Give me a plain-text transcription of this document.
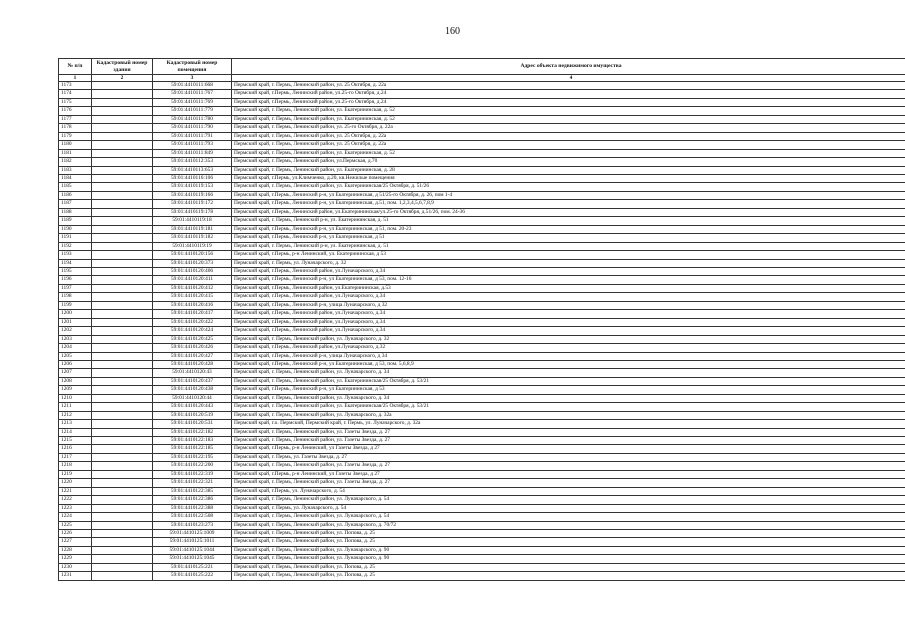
160
№ п/п	Кадастровый номер здания	Кадастровый номер помещения	Адрес объекта недвижимого имущества
1	2	3	4
1173		59:01:4410111:668	Пермский край, г. Пермь, Ленинский район, ул. 25 Октября, д. 22а
1174		59:01:4410111:767	Пермский край, г.Пермь, Ленинский район, ул.25-го Октября, д.24
1175		59:01:4410111:769	Пермский край, г.Пермь, Ленинский район, ул.25-го Октября, д.24
1176		59:01:4410111:779	Пермский край, г. Пермь, Ленинский район, ул. Екатерининская, д. 52
1177		59:01:4410111:780	Пермский край, г. Пермь, Ленинский район, ул. Екатерининская, д. 52
1178		59:01:4410111:790	Пермский край, г. Пермь, Ленинский район, ул. 25-го Октября, д. 22а
1179		59:01:4410111:791	Пермский край, г. Пермь, Ленинский район, ул. 25 Октября, д. 22а
1180		59:01:4410111:793	Пермский край, г. Пермь, Ленинский район, ул. 25 Октября, д. 22а
1181		59:01:4410111:849	Пермский край, г. Пермь, Ленинский район, ул. Екатерининская, д. 52
1182		59:01:4410112:353	Пермский край, г. Пермь, Ленинский район, ул.Пермская, д.70
1183		59:01:4410113:653	Пермский край, г. Пермь, Ленинский район, ул. Екатерининская, д. 28
1184		59:01:4410116:106	Пермский край, г.Пермь, ул.Климченко, д.20, кв.Нежилые помещения
1185		59:01:4410119:153	Пермский край, г. Пермь, Ленинский район, ул. Екатерининская/25 Октября, д. 51/26
1186		59:01:4410119:166	Пермский край, г.Пермь, Ленинский р-н, ул Екатерининская, д 51/25-го Октября, д. 26, пом 1-4
1187		59:01:4410119:172	Пермский край, г.Пермь, Ленинский р-н, ул Екатерининская, д.51, пом. 1,2,3,4,5,6,7,8,9
1188		59:01:4410119:178	Пермский край, г.Пермь, Ленинский район, ул.Екатерининская/ул.25-го Октября, д.51/26, пом. 24-36
1189		59:01:4410119:18	Пермский край, г. Пермь, Ленинский р-н, ул. Екатерининская, д. 51
1190		59:01:4410119:181	Пермский край, г.Пермь, Ленинский р-н, ул Екатерининская, д 51, пом. 20-23
1191		59:01:4410119:182	Пермский край, г.Пермь, Ленинский р-н, ул Екатерининская, д 51
1192		59:01:4410119:19	Пермский край, г. Пермь, Ленинский р-н, ул. Екатерининская, д. 51
1193		59:01:4410120:156	Пермский край, г.Пермь, р-н Ленинский, ул. Екатерининская, д 53
1194		59:01:4410120:373	Пермский край, г. Пермь, ул. Луначарского, д. 32
1195		59:01:4410120:406	Пермский край, г.Пермь, Ленинский район, ул.Луначарского, д.34
1196		59:01:4410120:411	Пермский край, г.Пермь, Ленинский р-н, ул Екатерининская, д 53, пом. 12-16
1197		59:01:4410120:412	Пермский край, г.Пермь, Ленинский район, ул.Екатерининская, д.53
1198		59:01:4410120:415	Пермский край, г.Пермь, Ленинский район, ул.Луначарского, д.34
1199		59:01:4410120:416	Пермский край, г.Пермь, Ленинский р-н, улица Луначарского, д 32
1200		59:01:4410120:417	Пермский край, г.Пермь, Ленинский район, ул.Луначарского, д.34
1201		59:01:4410120:422	Пермский край, г.Пермь, Ленинский район, ул.Луначарского, д.34
1202		59:01:4410120:424	Пермский край, г.Пермь, Ленинский район, ул.Луначарского, д.34
1203		59:01:4410120:425	Пермский край, г. Пермь, Ленинский район, ул. Луначарского, д. 32
1204		59:01:4410120:426	Пермский край, г.Пермь, Ленинский район, ул.Луначарского, д.32
1205		59:01:4410120:427	Пермский край, г.Пермь, Ленинский р-н, улица Луначарского, д 34
1206		59:01:4410120:428	Пермский край, г.Пермь, Ленинский р-н, ул Екатерининская, д 53, пом. 5,6,8,9
1207		59:01:4410120:43	Пермский край, г. Пермь, Ленинский район, ул. Луначарского, д. 34
1208		59:01:4410120:437	Пермский край, г. Пермь, Ленинский район, ул. Екатерининская/25 Октября, д. 53/21
1209		59:01:4410120:438	Пермский край, г.Пермь, Ленинский р-н, ул Екатерининская, д 53
1210		59:01:4410120:44	Пермский край, г. Пермь, Ленинский район, ул. Луначарского, д. 34
1211		59:01:4410120:443	Пермский край, г. Пермь, Ленинский район, ул. Екатерининская/25 Октября, д. 53/21
1212		59:01:4410120:519	Пермский край, г. Пермь, Ленинский район, ул. Луначарского, д. 32а
1213		59:01:4410120:531	Пермский край, г.о. Пермский, Пермский край, г. Пермь, ул. Луначарского, д. 32а
1214		59:01:4410122:182	Пермский край, г. Пермь, Ленинский район, ул. Газеты Звезда, д. 27
1215		59:01:4410122:183	Пермский край, г. Пермь, Ленинский район, ул. Газеты Звезда, д. 27
1216		59:01:4410122:185	Пермский край, г.Пермь, р-н Ленинский, ул Газеты Звезда, д 27
1217		59:01:4410122:195	Пермский край, г. Пермь, ул. Газеты Звезда, д. 27
1218		59:01:4410122:200	Пермский край, г. Пермь, Ленинский район, ул. Газеты Звезда, д. 27
1219		59:01:4410122:319	Пермский край, г.Пермь, р-н Ленинский, ул Газеты Звезда, д 27
1220		59:01:4410122:321	Пермский край, г. Пермь, Ленинский район, ул. Газеты Звезда, д. 27
1221		59:01:4410122:385	Пермский край, г.Пермь, ул. Луначарского, д. 54
1222		59:01:4410122:386	Пермский край, г. Пермь, Ленинский район, ул. Луначарского, д. 54
1223		59:01:4410122:388	Пермский край, г. Пермь, ул. Луначарского, д. 54
1224		59:01:4410122:508	Пермский край, г. Пермь, Ленинский район, ул. Луначарского, д. 54
1225		59:01:4410123:273	Пермский край, г. Пермь, Ленинский район, ул. Луначарского, д. 70/72
1226		59:01:4410125:1009	Пермский край, г. Пермь, Ленинский район, ул. Попова, д. 25
1227		59:01:4410125:1011	Пермский край, г. Пермь, Ленинский район, ул. Попова, д. 25
1228		59:01:4410125:1044	Пермский край, г. Пермь, Ленинский район, ул. Луначарского, д. 90
1229		59:01:4410125:1045	Пермский край, г. Пермь, Ленинский район, ул. Луначарского, д. 90
1230		59:01:4410125:221	Пермский край, г. Пермь, Ленинский район, ул. Попова, д. 25
1231		59:01:4410125:222	Пермский край, г. Пермь, Ленинский район, ул. Попова, д. 25
